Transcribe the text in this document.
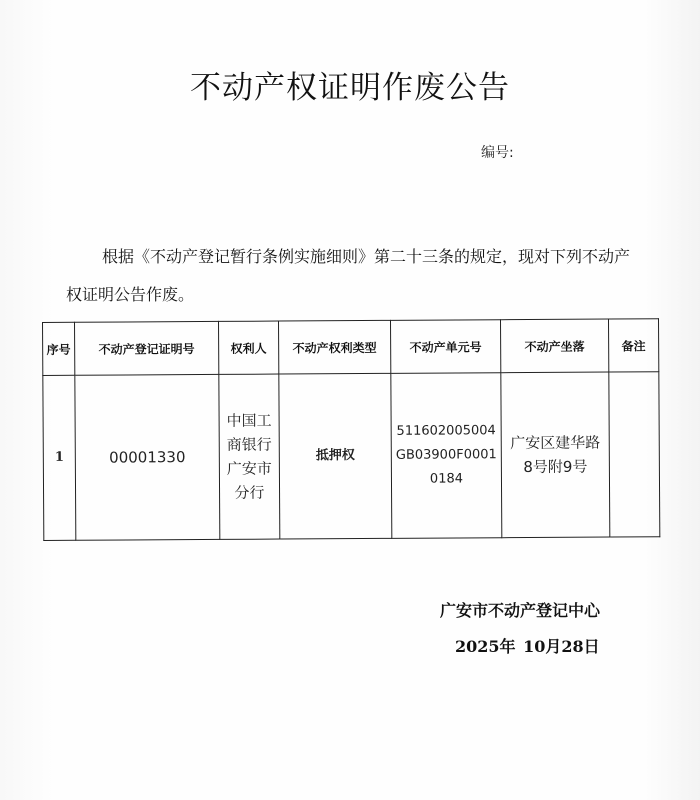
不动产权证明作废公告
编号:
根据《不动产登记暂行条例实施细则》第二十三条的规定，现对下列不动产权证明公告作废。
序号	不动产登记证明号	权利人	不动产权利类型	不动产单元号	不动产坐落	备注
1	00001330	中国工
商银行
广安市
分行	抵押权	511602005004
GB03900F0001
0184	广安区建华路
8号附9号	
广安市不动产登记中心
2025年 10月28日
